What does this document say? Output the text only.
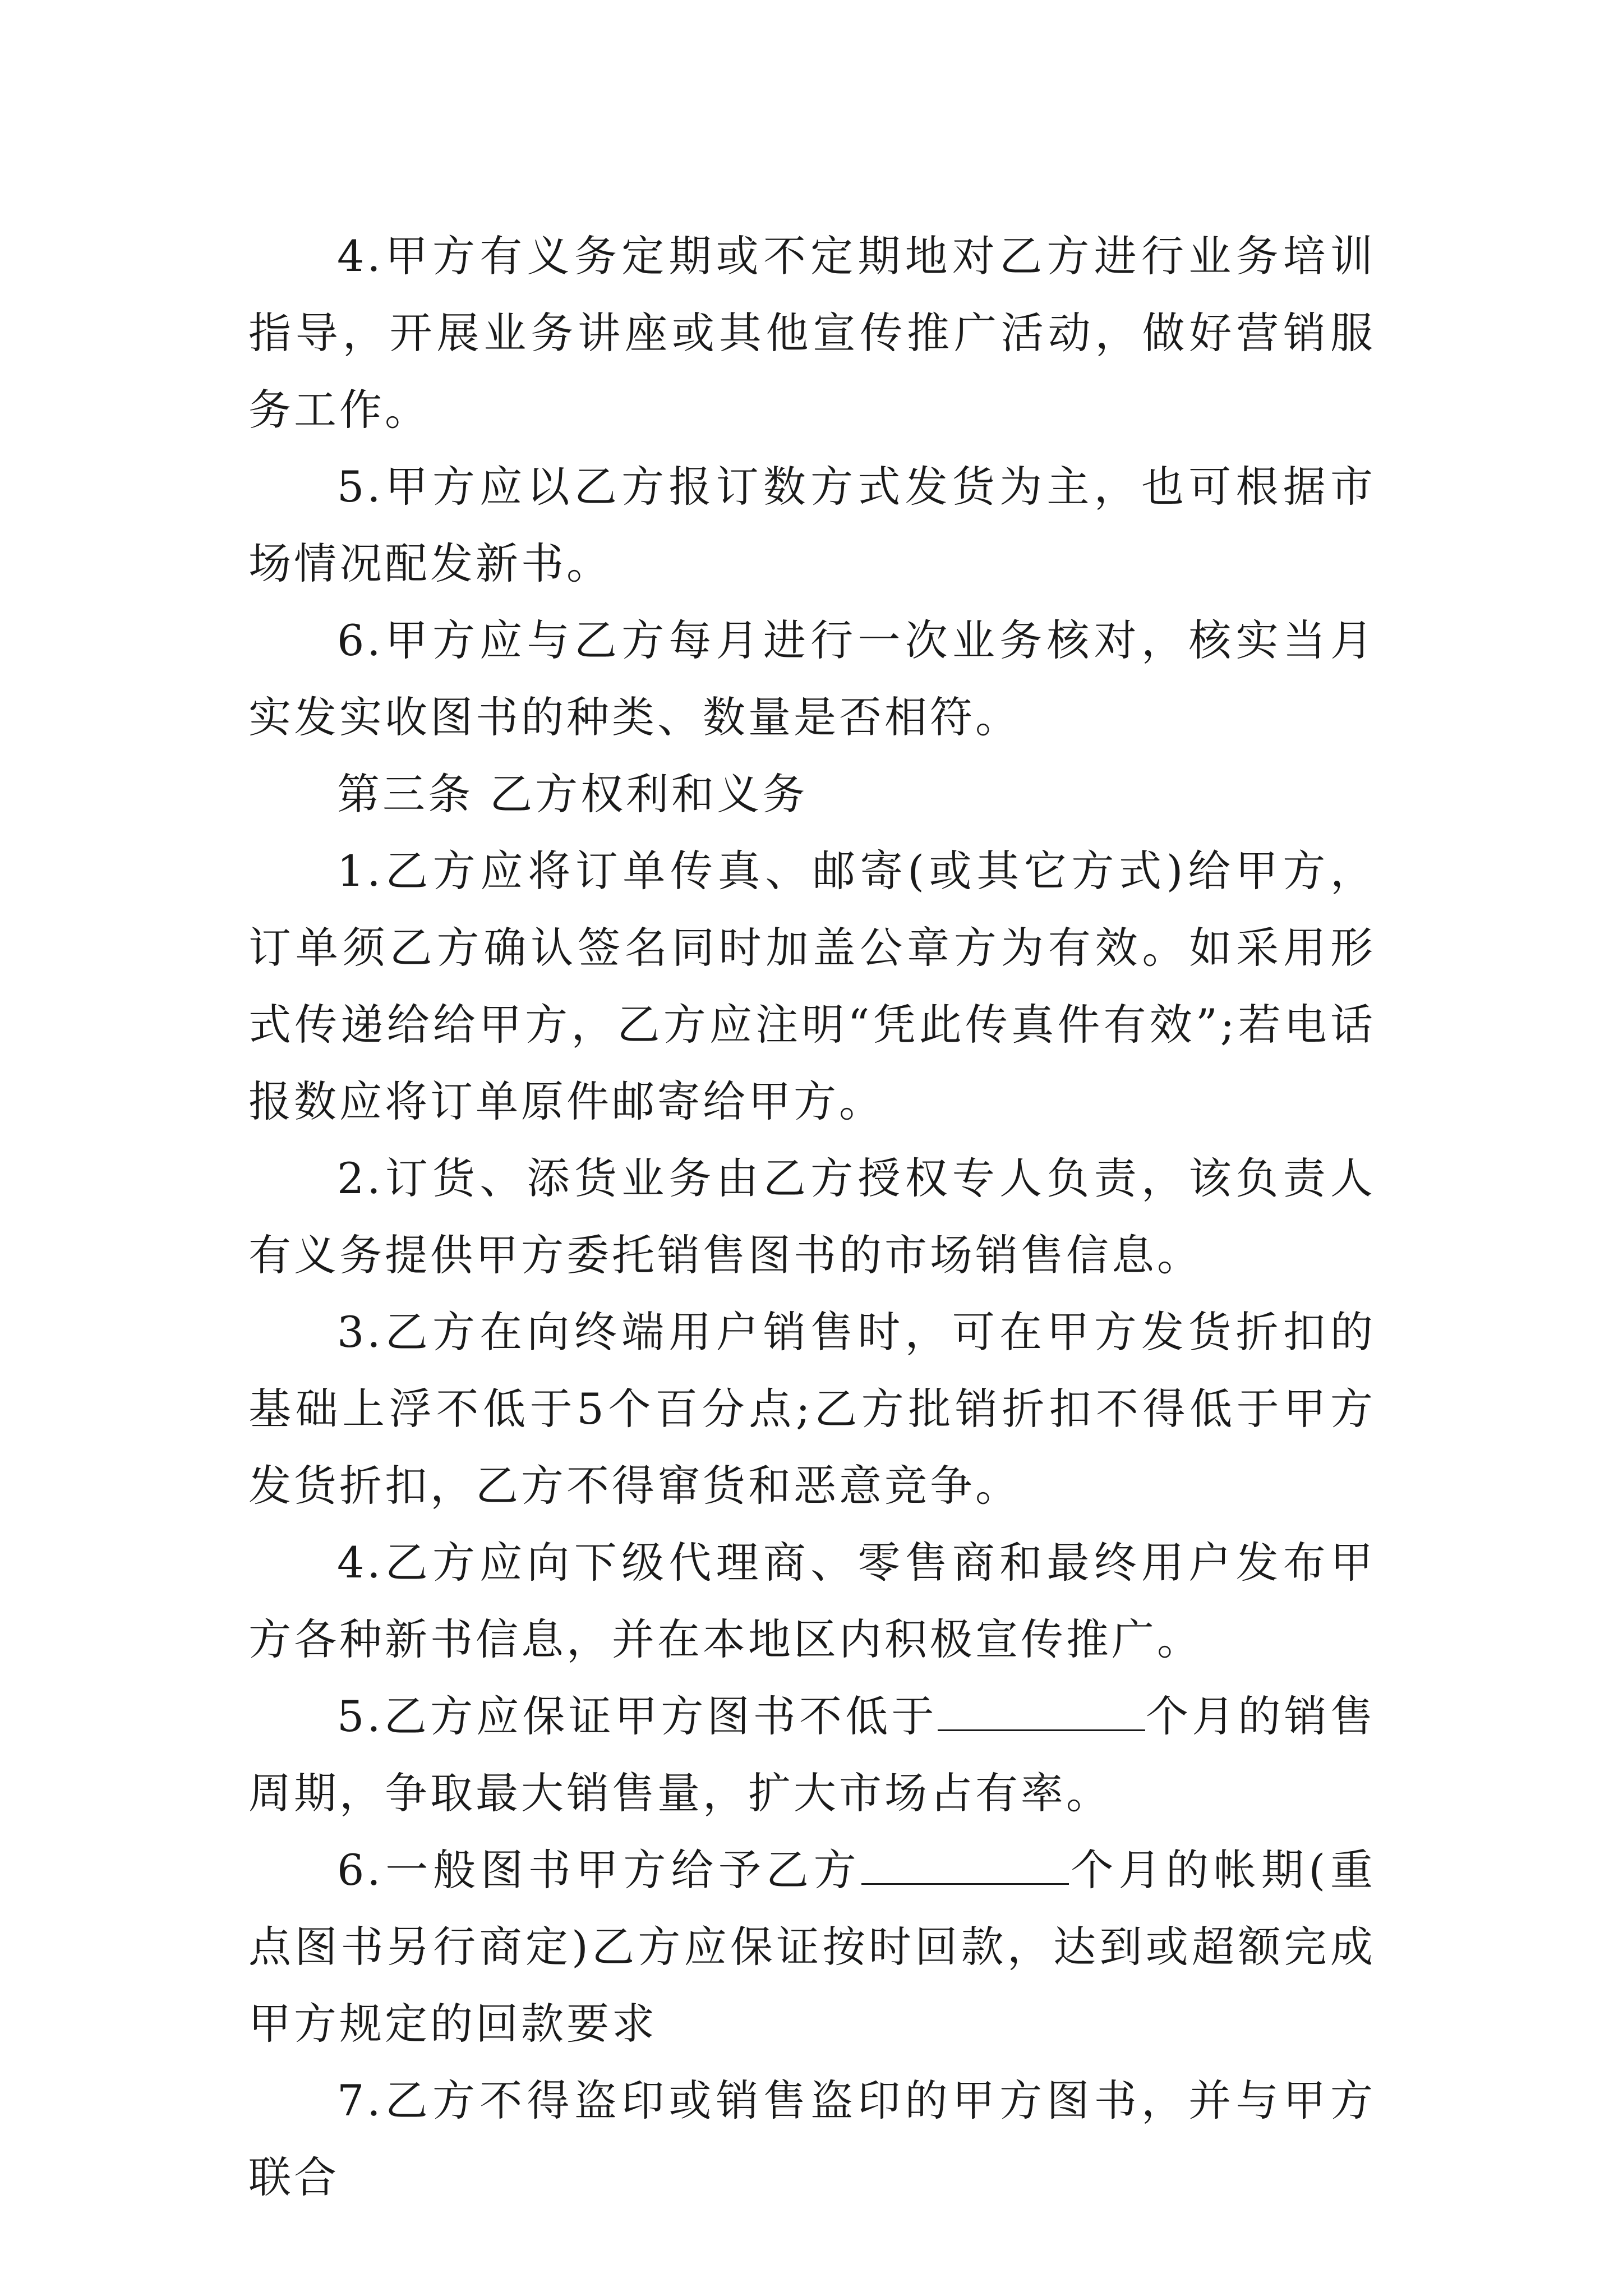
4.甲方有义务定期或不定期地对乙方进行业务培训指导，开展业务讲座或其他宣传推广活动，做好营销服务工作。

5.甲方应以乙方报订数方式发货为主，也可根据市场情况配发新书。

6.甲方应与乙方每月进行一次业务核对，核实当月实发实收图书的种类、数量是否相符。

第三条 乙方权利和义务

1.乙方应将订单传真、邮寄(或其它方式)给甲方，订单须乙方确认签名同时加盖公章方为有效。如采用形式传递给给甲方，乙方应注明“凭此传真件有效”;若电话报数应将订单原件邮寄给甲方。

2.订货、添货业务由乙方授权专人负责，该负责人有义务提供甲方委托销售图书的市场销售信息。

3.乙方在向终端用户销售时，可在甲方发货折扣的基础上浮不低于5个百分点;乙方批销折扣不得低于甲方发货折扣，乙方不得窜货和恶意竞争。

4.乙方应向下级代理商、零售商和最终用户发布甲方各种新书信息，并在本地区内积极宣传推广。

5.乙方应保证甲方图书不低于	个月的销售周期，争取最大销售量，扩大市场占有率。

6.一般图书甲方给予乙方	个月的帐期(重点图书另行商定)乙方应保证按时回款，达到或超额完成甲方规定的回款要求

7.乙方不得盗印或销售盗印的甲方图书，并与甲方联合
